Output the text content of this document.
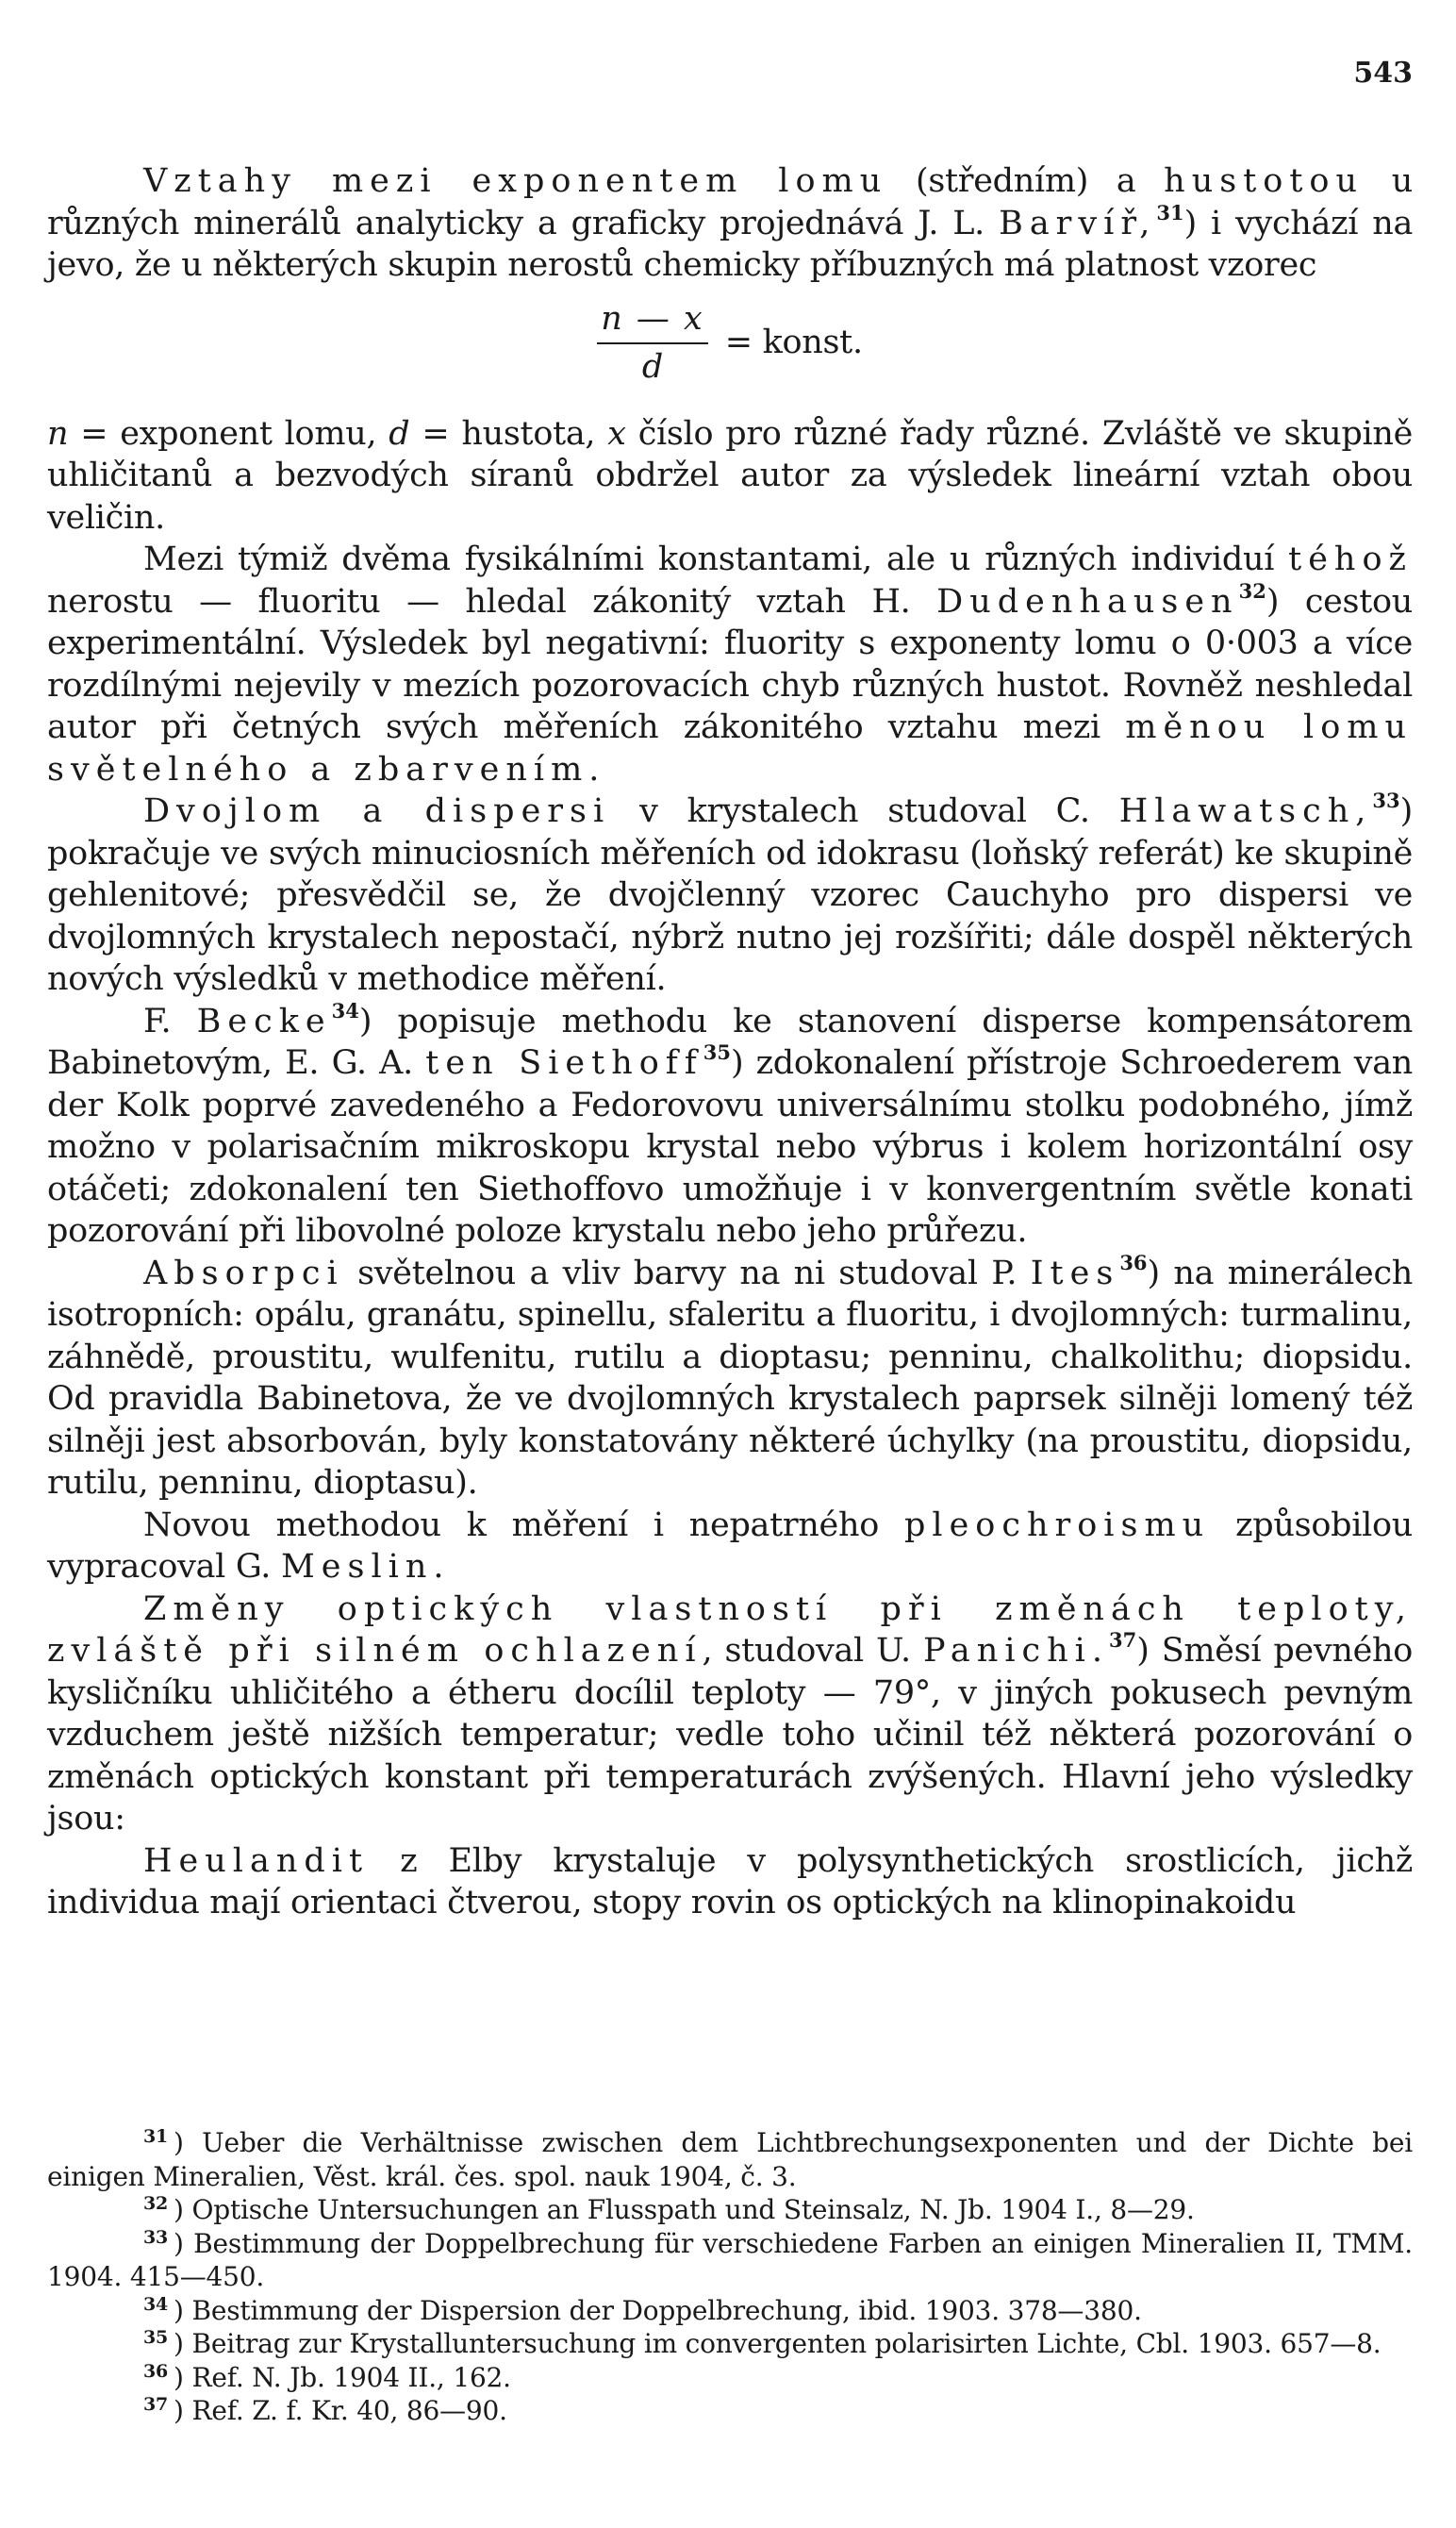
543

Vztahy mezi exponentem lomu (středním) a hustotou u různých minerálů analyticky a graficky projednává J. L. Barvíř,$^{31}$) i vychází na jevo, že u některých skupin nerostů chemicky příbuzných má platnost vzorec

$\frac{n — x}{d}$ = konst.

n = exponent lomu, d = hustota, x číslo pro různé řady různé. Zvláště ve skupině uhličitanů a bezvodých síranů obdržel autor za výsledek lineární vztah obou veličin.

Mezi týmiž dvěma fysikálními konstantami, ale u různých individuí téhož nerostu — fluoritu — hledal zákonitý vztah H. Dudenhausen$^{32}$) cestou experimentální. Výsledek byl negativní: fluority s exponenty lomu o 0·003 a více rozdílnými nejevily v mezích pozorovacích chyb různých hustot. Rovněž neshledal autor při četných svých měřeních zákonitého vztahu mezi měnou lomu světelného a zbarvením.

Dvojlom a dispersi v krystalech studoval C. Hlawatsch,$^{33}$) pokračuje ve svých minuciosních měřeních od idokrasu (loňský referát) ke skupině gehlenitové; přesvědčil se, že dvojčlenný vzorec Cauchyho pro dispersi ve dvojlomných krystalech nepostačí, nýbrž nutno jej rozšířiti; dále dospěl některých nových výsledků v methodice měření.

F. Becke$^{34}$) popisuje methodu ke stanovení disperse kompensátorem Babinetovým, E. G. A. ten Siethoff$^{35}$) zdokonalení přístroje Schroederem van der Kolk poprvé zavedeného a Fedorovovu universálnímu stolku podobného, jímž možno v polarisačním mikroskopu krystal nebo výbrus i kolem horizontální osy otáčeti; zdokonalení ten Siethoffovo umožňuje i v konvergentním světle konati pozorování při libovolné poloze krystalu nebo jeho průřezu.

Absorpci světelnou a vliv barvy na ni studoval P. Ites$^{36}$) na minerálech isotropních: opálu, granátu, spinellu, sfaleritu a fluoritu, i dvojlomných: turmalinu, záhnědě, proustitu, wulfenitu, rutilu a dioptasu; penninu, chalkolithu; diopsidu. Od pravidla Babinetova, že ve dvojlomných krystalech paprsek silněji lomený též silněji jest absorbován, byly konstatovány některé úchylky (na proustitu, diopsidu, rutilu, penninu, dioptasu).

Novou methodou k měření i nepatrného pleochroismu způsobilou vypracoval G. Meslin.

Změny optických vlastností při změnách teploty, zvláště při silném ochlazení, studoval U. Panichi.$^{37}$) Směsí pevného kysličníku uhličitého a étheru docílil teploty — 79°, v jiných pokusech pevným vzduchem ještě nižších temperatur; vedle toho učinil též některá pozorování o změnách optických konstant při temperaturách zvýšených. Hlavní jeho výsledky jsou:

Heulandit z Elby krystaluje v polysynthetických srostlicích, jichž individua mají orientaci čtverou, stopy rovin os optických na klinopinakoidu

$^{31}$ ) Ueber die Verhältnisse zwischen dem Lichtbrechungsexponenten und der Dichte bei einigen Mineralien, Věst. král. čes. spol. nauk 1904, č. 3.

$^{32}$ ) Optische Untersuchungen an Flusspath und Steinsalz, N. Jb. 1904 I., 8—29.

$^{33}$ ) Bestimmung der Doppelbrechung für verschiedene Farben an einigen Mineralien II, TMM. 1904. 415—450.

$^{34}$ ) Bestimmung der Dispersion der Doppelbrechung, ibid. 1903. 378—380.

$^{35}$ ) Beitrag zur Krystalluntersuchung im convergenten polarisirten Lichte, Cbl. 1903. 657—8.

$^{36}$ ) Ref. N. Jb. 1904 II., 162.

$^{37}$ ) Ref. Z. f. Kr. 40, 86—90.
